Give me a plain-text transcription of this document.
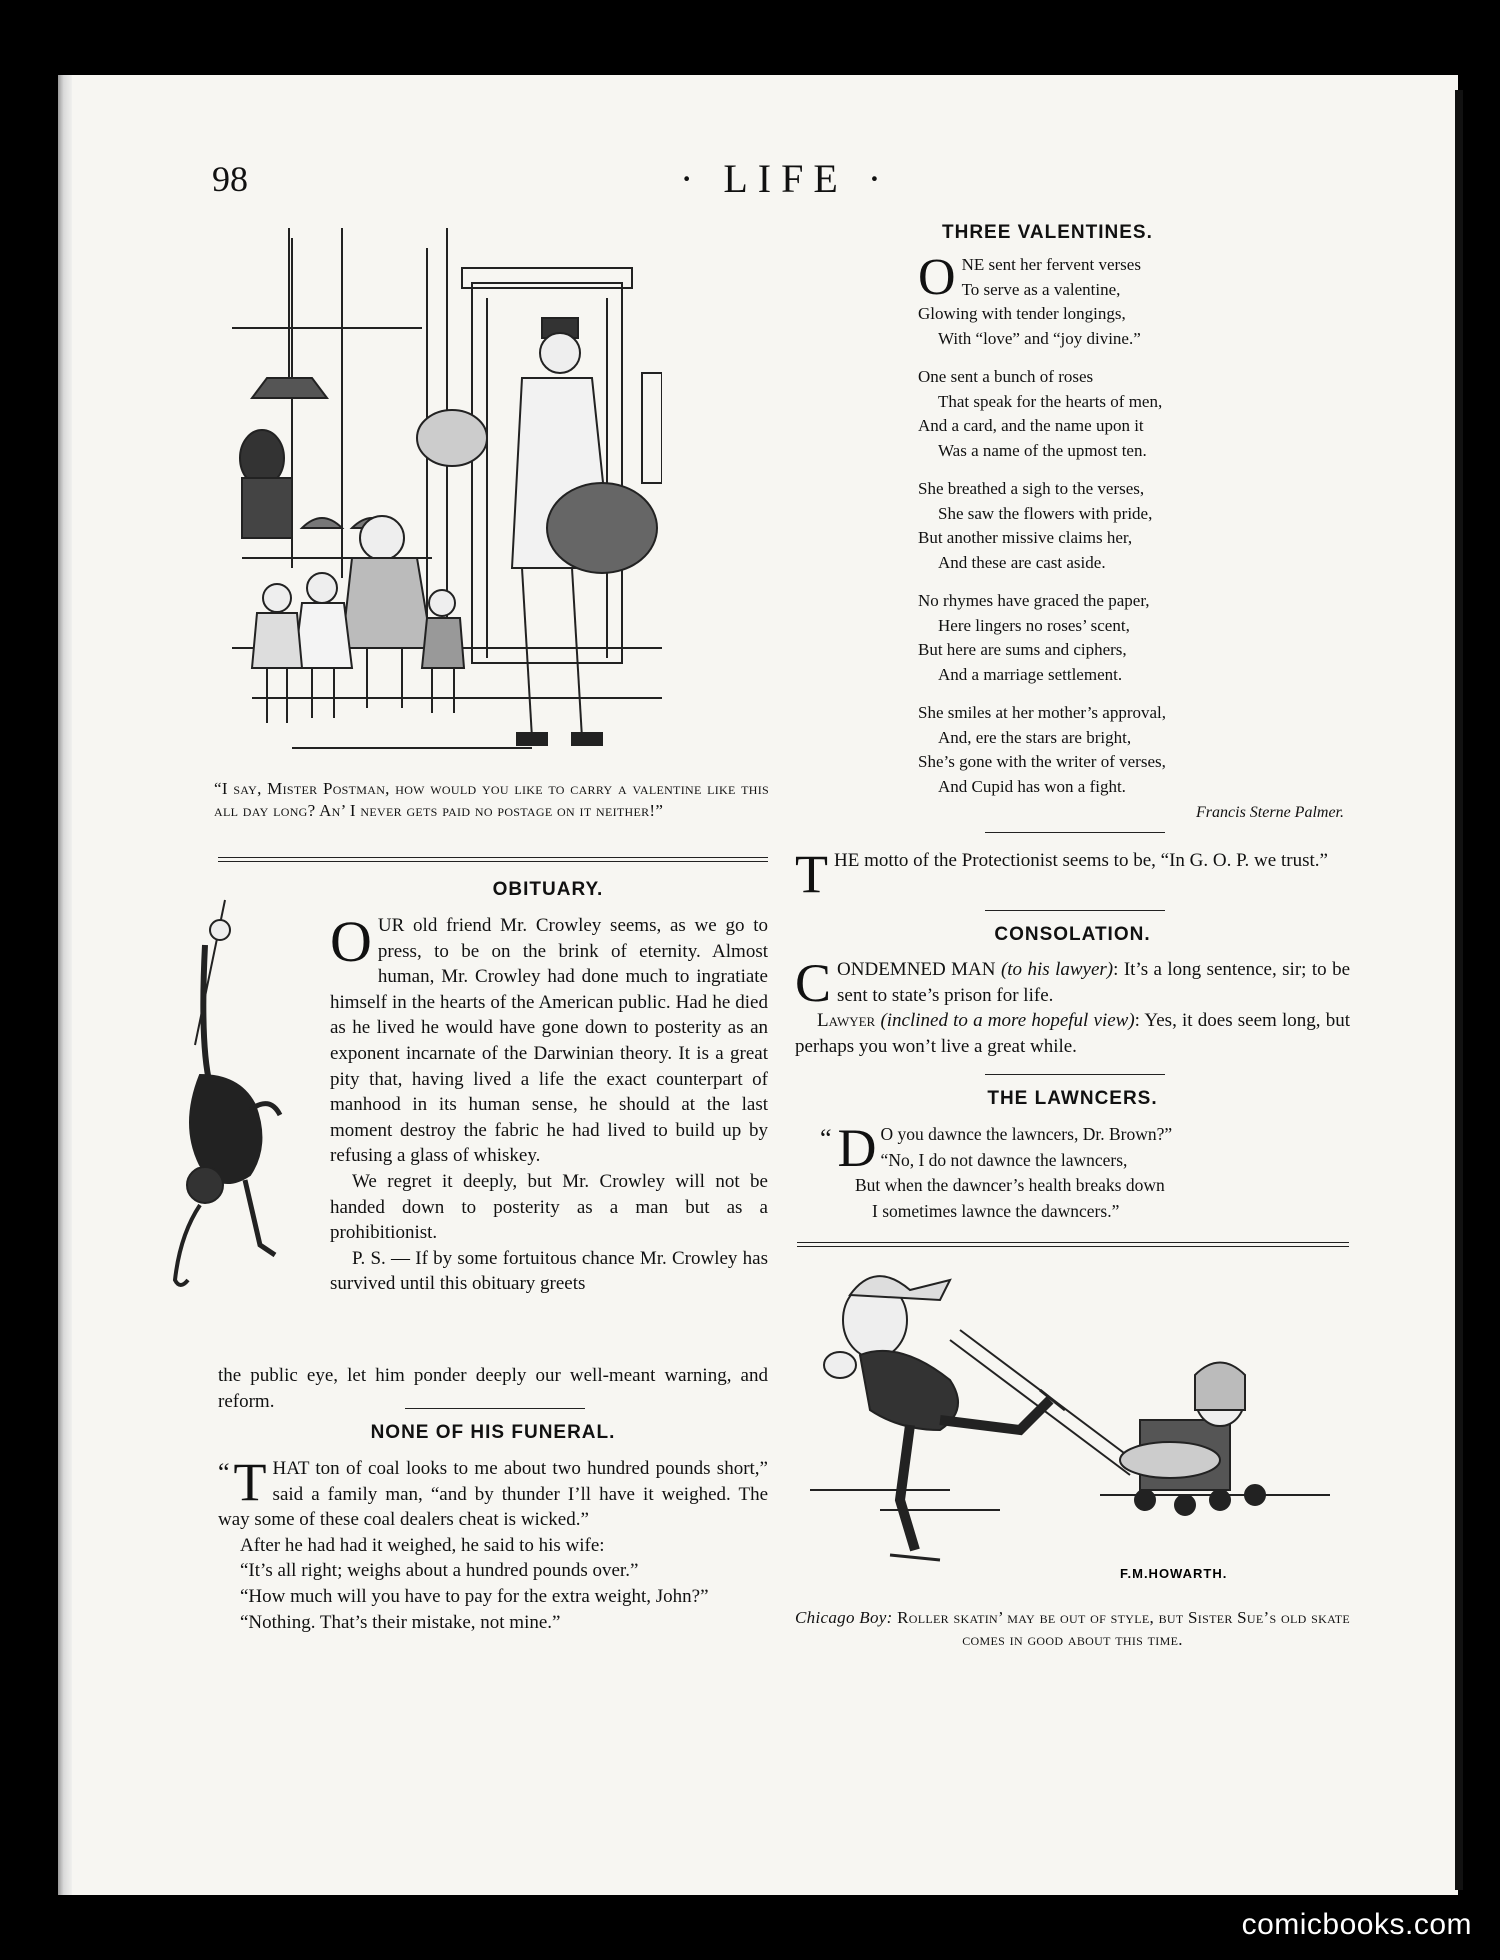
98	· LIFE ·
“I say, Mister Postman, how would you like to carry a valentine like this all day long? An’ I never gets paid no postage on it neither!”
THREE VALENTINES.
O NE sent her fervent verses
To serve as a valentine,
Glowing with tender longings,
With “love” and “joy divine.”
One sent a bunch of roses
That speak for the hearts of men,
And a card, and the name upon it
Was a name of the upmost ten.
She breathed a sigh to the verses,
She saw the flowers with pride,
But another missive claims her,
And these are cast aside.
No rhymes have graced the paper,
Here lingers no roses’ scent,
But here are sums and ciphers,
And a marriage settlement.
She smiles at her mother’s approval,
And, ere the stars are bright,
She’s gone with the writer of verses,
And Cupid has won a fight.
Francis Sterne Palmer.
THE motto of the Protectionist seems to be, “In G. O. P. we trust.”
CONSOLATION.

CONDEMNED MAN (to his lawyer): It’s a long sentence, sir; to be sent to state’s prison for life.

Lawyer (inclined to a more hopeful view): Yes, it does seem long, but perhaps you won’t live a great while.

THE LAWNCERS.
“ D O you dawnce the lawncers, Dr. Brown?”
“No, I do not dawnce the lawncers,
But when the dawncer’s health breaks down
I sometimes lawnce the dawncers.”
F.M.HOWARTH.
Chicago Boy: Roller skatin’ may be out of style, but Sister Sue’s old skate comes in good about this time.
OBITUARY.

OUR old friend Mr. Crowley seems, as we go to press, to be on the brink of eternity. Almost human, Mr. Crowley had done much to ingratiate himself in the hearts of the American public. Had he died as he lived he would have gone down to posterity as an exponent incarnate of the Darwinian theory. It is a great pity that, having lived a life the exact counterpart of manhood in its human sense, he should at the last moment destroy the fabric he had lived to build up by refusing a glass of whiskey.

We regret it deeply, but Mr. Crowley will not be handed down to posterity as a man but as a prohibitionist.

P. S. — If by some fortuitous chance Mr. Crowley has survived until this obituary greets

the public eye, let him ponder deeply our well-meant warning, and reform.

NONE OF HIS FUNERAL.

“ T HAT ton of coal looks to me about two hundred pounds short,” said a family man, “and by thunder I’ll have it weighed. The way some of these coal dealers cheat is wicked.”

After he had had it weighed, he said to his wife:

“It’s all right; weighs about a hundred pounds over.”

“How much will you have to pay for the extra weight, John?”

“Nothing. That’s their mistake, not mine.”

comicbooks.com
